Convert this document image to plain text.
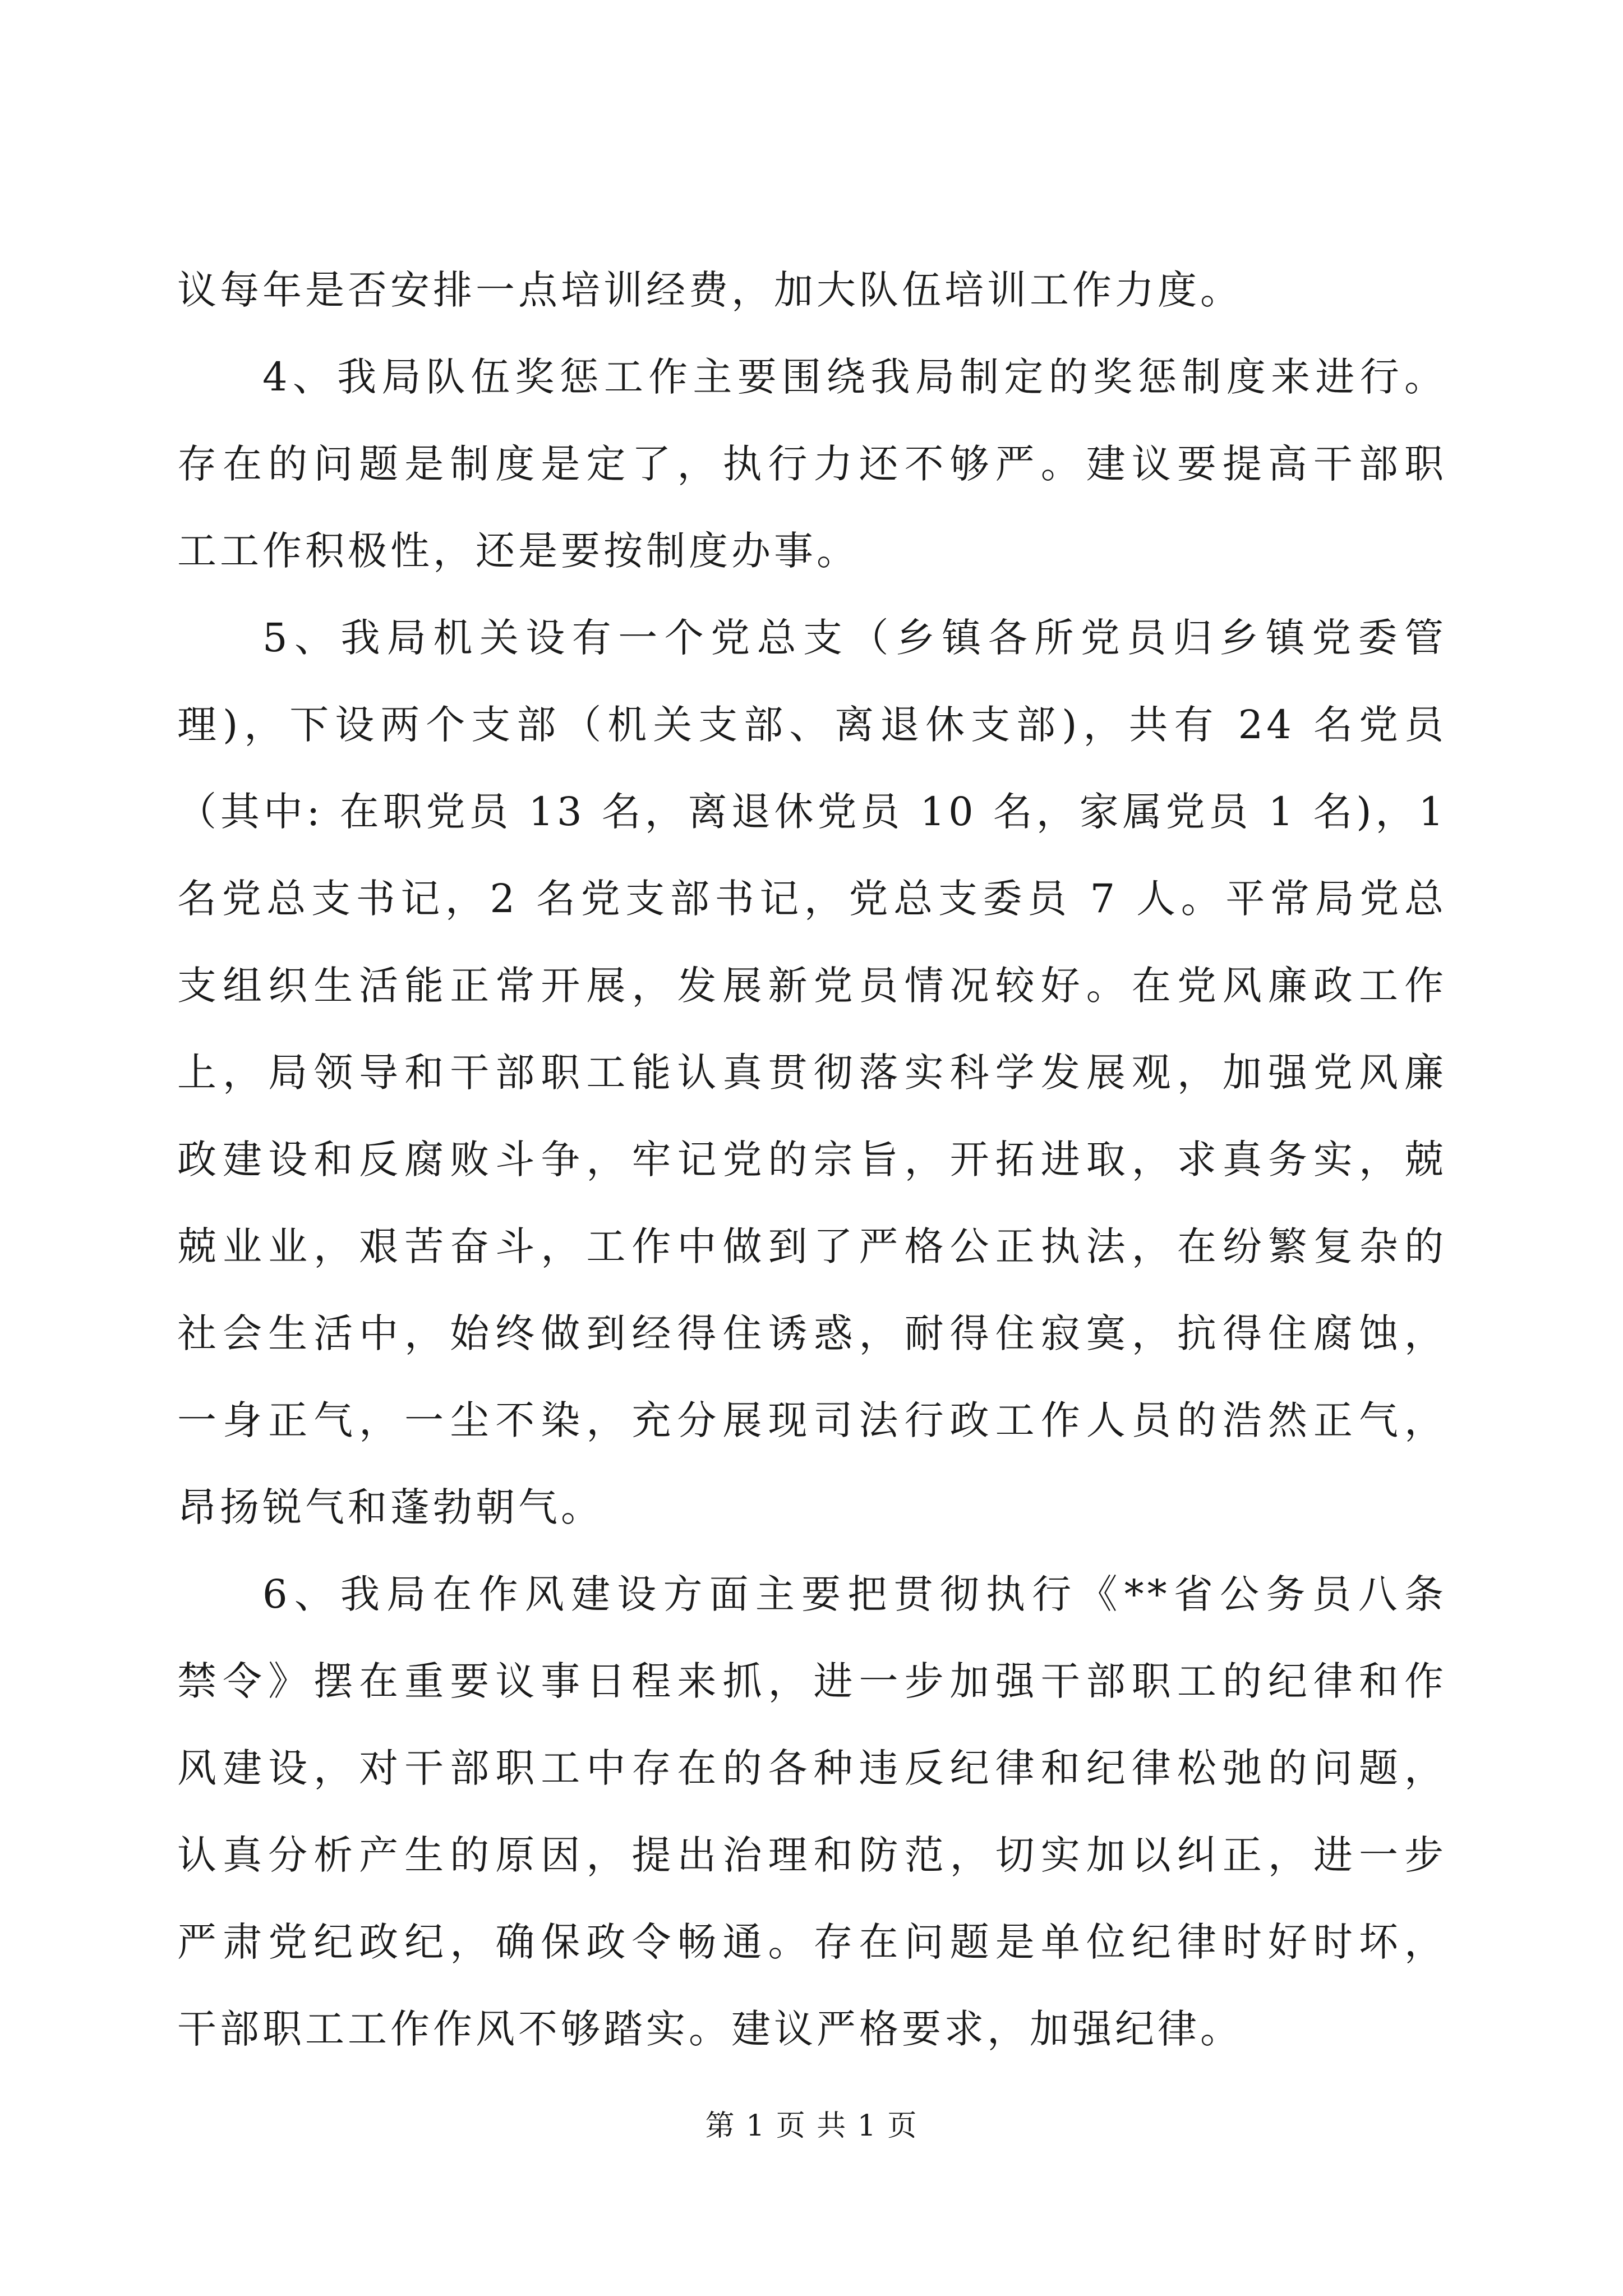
议每年是否安排一点培训经费，加大队伍培训工作力度。
4、我局队伍奖惩工作主要围绕我局制定的奖惩制度来进行。
存在的问题是制度是定了，执行力还不够严。建议要提高干部职
工工作积极性，还是要按制度办事。
5、我局机关设有一个党总支（乡镇各所党员归乡镇党委管
理)，下设两个支部（机关支部、离退休支部)，共有 24 名党员
（其中: 在职党员 13 名，离退休党员 10 名，家属党员 1 名)，1
名党总支书记，2 名党支部书记，党总支委员 7 人。平常局党总
支组织生活能正常开展，发展新党员情况较好。在党风廉政工作
上，局领导和干部职工能认真贯彻落实科学发展观，加强党风廉
政建设和反腐败斗争，牢记党的宗旨，开拓进取，求真务实，兢
兢业业，艰苦奋斗，工作中做到了严格公正执法，在纷繁复杂的
社会生活中，始终做到经得住诱惑，耐得住寂寞，抗得住腐蚀，
一身正气，一尘不染，充分展现司法行政工作人员的浩然正气，
昂扬锐气和蓬勃朝气。
6、我局在作风建设方面主要把贯彻执行《**省公务员八条
禁令》摆在重要议事日程来抓，进一步加强干部职工的纪律和作
风建设，对干部职工中存在的各种违反纪律和纪律松弛的问题，
认真分析产生的原因，提出治理和防范，切实加以纠正，进一步
严肃党纪政纪，确保政令畅通。存在问题是单位纪律时好时坏，
干部职工工作作风不够踏实。建议严格要求，加强纪律。
第 1 页 共 1 页
